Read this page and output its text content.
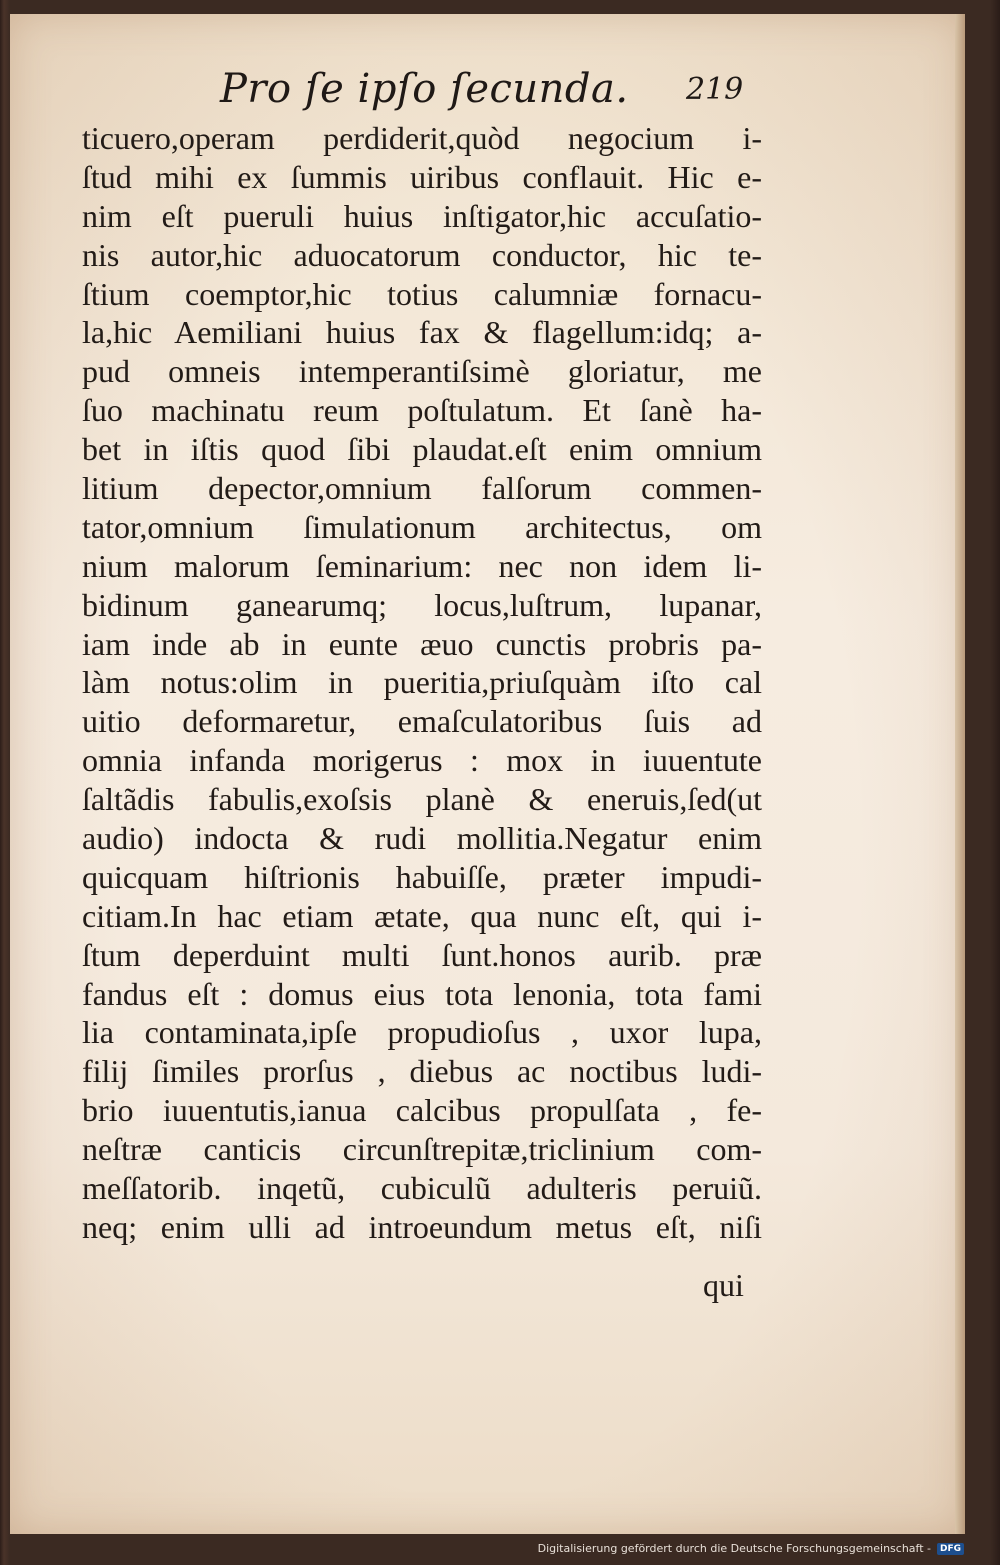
Pro ſe ipſo ſecunda. 219
ticuero,operam perdiderit,quòd negocium i-
ſtud mihi ex ſummis uiribus conflauit. Hic e-
nim eſt pueruli huius inſtigator,hic accuſatio-
nis autor,hic aduocatorum conductor, hic te-
ſtium coemptor,hic totius calumniæ fornacu-
la,hic Aemiliani huius fax & flagellum:idq; a-
pud omneis intemperantiſsimè gloriatur, me
ſuo machinatu reum poſtulatum. Et ſanè ha-
bet in iſtis quod ſibi plaudat.eſt enim omnium
litium depector,omnium falſorum commen-
tator,omnium ſimulationum architectus, om
nium malorum ſeminarium: nec non idem li-
bidinum ganearumq; locus,luſtrum, lupanar,
iam inde ab in eunte æuo cunctis probris pa-
làm notus:olim in pueritia,priuſquàm iſto cal
uitio deformaretur, emaſculatoribus ſuis ad
omnia infanda morigerus : mox in iuuentute
ſaltãdis fabulis,exoſsis planè & eneruis,ſed(ut
audio) indocta & rudi mollitia.Negatur enim
quicquam hiſtrionis habuiſſe, præter impudi-
citiam.In hac etiam ætate, qua nunc eſt, qui i-
ſtum deperduint multi ſunt.honos aurib. præ
fandus eſt : domus eius tota lenonia, tota fami
lia contaminata,ipſe propudioſus , uxor lupa,
filij ſimiles prorſus , diebus ac noctibus ludi-
brio iuuentutis,ianua calcibus propulſata , fe-
neſtræ canticis circunſtrepitæ,triclinium com-
meſſatorib. inqetũ, cubiculũ adulteris peruiũ.
neq; enim ulli ad introeundum metus eſt, niſi
qui
Digitalisierung gefördert durch die Deutsche Forschungsgemeinschaft -	DFG
